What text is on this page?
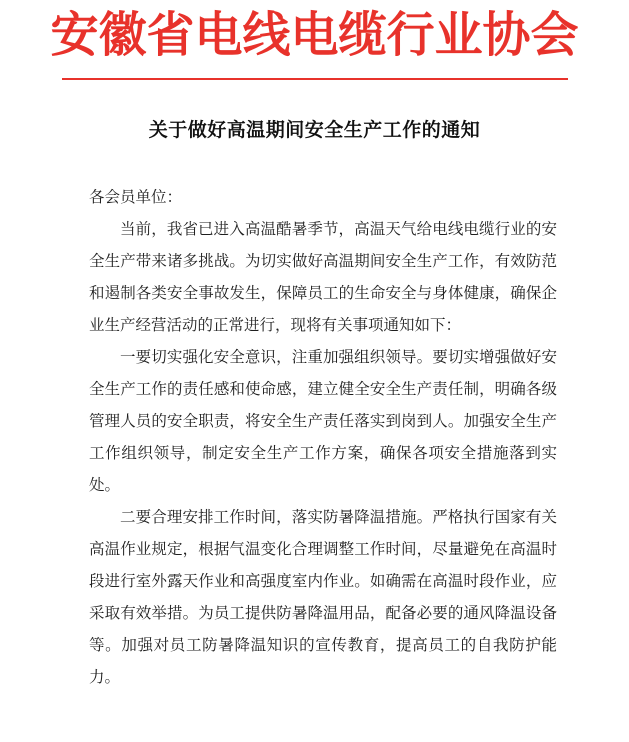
安徽省电线电缆行业协会
关于做好高温期间安全生产工作的通知

各会员单位：

当前，我省已进入高温酷暑季节，高温天气给电线电缆行业的安全生产带来诸多挑战。为切实做好高温期间安全生产工作，有效防范和遏制各类安全事故发生，保障员工的生命安全与身体健康，确保企业生产经营活动的正常进行，现将有关事项通知如下：

一要切实强化安全意识，注重加强组织领导。要切实增强做好安全生产工作的责任感和使命感，建立健全安全生产责任制，明确各级管理人员的安全职责，将安全生产责任落实到岗到人。加强安全生产工作组织领导，制定安全生产工作方案，确保各项安全措施落到实处。

二要合理安排工作时间，落实防暑降温措施。严格执行国家有关高温作业规定，根据气温变化合理调整工作时间，尽量避免在高温时段进行室外露天作业和高强度室内作业。如确需在高温时段作业，应采取有效举措。为员工提供防暑降温用品，配备必要的通风降温设备等。加强对员工防暑降温知识的宣传教育，提高员工的自我防护能力。
